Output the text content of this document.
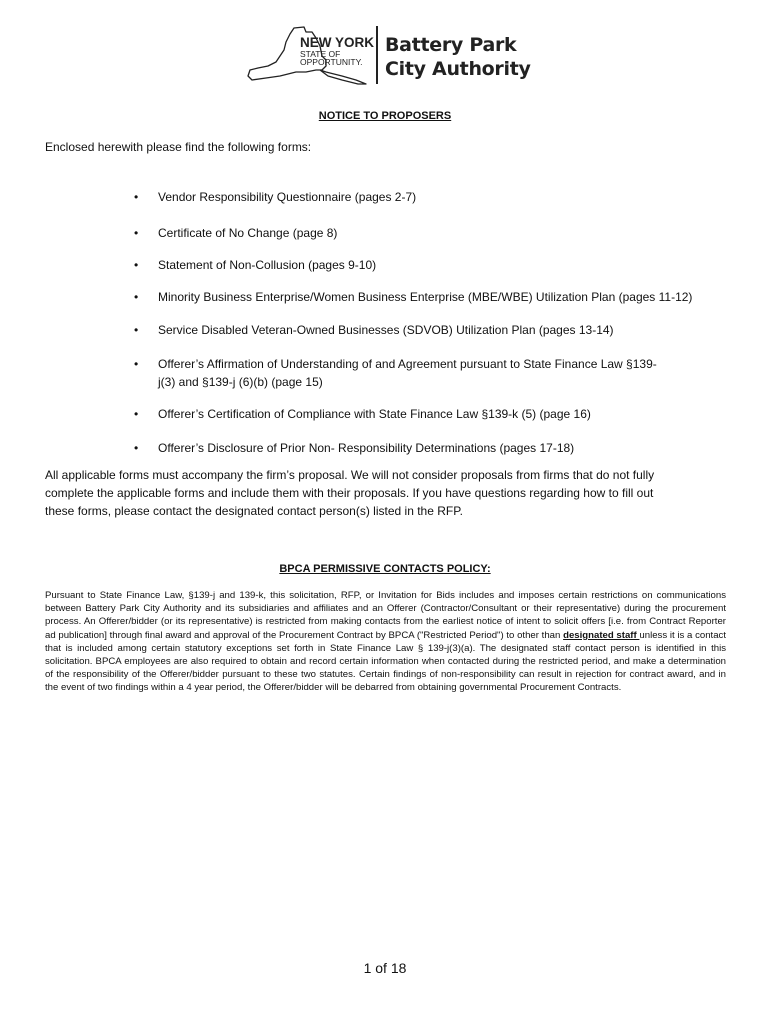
NEW YORK
STATE OF
OPPORTUNITY.
Battery Park
City Authority
NOTICE TO PROPOSERS
Enclosed herewith please find the following forms:
• Vendor Responsibility Questionnaire (pages 2-7)
• Certificate of No Change (page 8)
• Statement of Non-Collusion (pages 9-10)
• Minority Business Enterprise/Women Business Enterprise (MBE/WBE) Utilization Plan (pages 11-12)
• Service Disabled Veteran-Owned Businesses (SDVOB) Utilization Plan (pages 13-14)
• Offerer’s Affirmation of Understanding of and Agreement pursuant to State Finance Law §139-
j(3) and §139-j (6)(b) (page 15)
• Offerer’s Certification of Compliance with State Finance Law §139-k (5) (page 16)
• Offerer’s Disclosure of Prior Non- Responsibility Determinations (pages 17-18)
All applicable forms must accompany the firm’s proposal. We will not consider proposals from firms that do not fully
complete the applicable forms and include them with their proposals. If you have questions regarding how to fill out
these forms, please contact the designated contact person(s) listed in the RFP.
BPCA PERMISSIVE CONTACTS POLICY:
Pursuant to State Finance Law, §139-j and 139-k, this solicitation, RFP, or Invitation for Bids includes and imposes certain restrictions on communications between Battery Park City Authority and its subsidiaries and affiliates and an Offerer (Contractor/Consultant or their representative) during the procurement process. An Offerer/bidder (or its representative) is restricted from making contacts from the earliest notice of intent to solicit offers [i.e. from Contract Reporter ad publication] through final award and approval of the Procurement Contract by BPCA ("Restricted Period") to other than designated staff unless it is a contact that is included among certain statutory exceptions set forth in State Finance Law § 139-j(3)(a). The designated staff contact person is identified in this solicitation. BPCA employees are also required to obtain and record certain information when contacted during the restricted period, and make a determination of the responsibility of the Offerer/bidder pursuant to these two statutes. Certain findings of non-responsibility can result in rejection for contract award, and in the event of two findings within a 4 year period, the Offerer/bidder will be debarred from obtaining governmental Procurement Contracts.
1 of 18
